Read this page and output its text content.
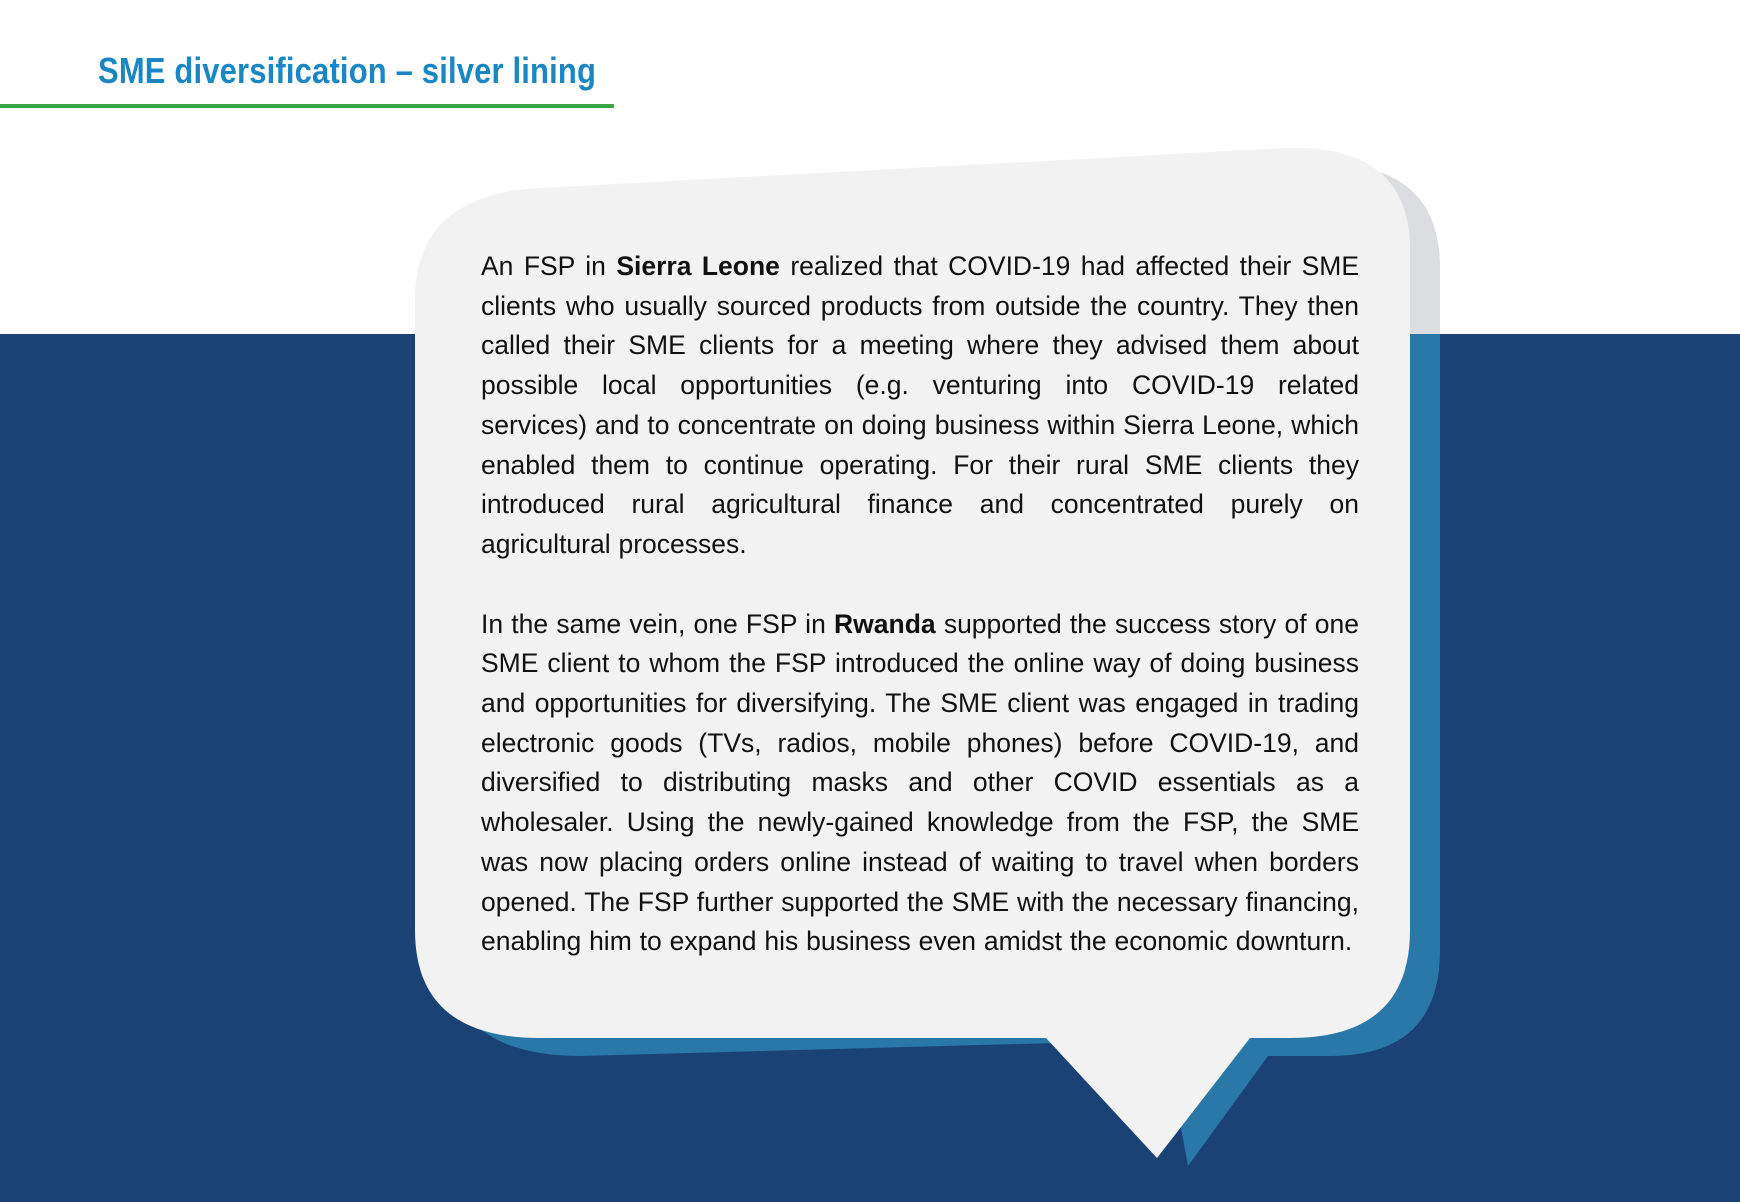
SME diversification – silver lining

An FSP in Sierra Leone realized that COVID-19 had affected their SME clients who usually sourced products from outside the country. They then called their SME clients for a meeting where they advised them about possible local opportunities (e.g. venturing into COVID-19 related services) and to concentrate on doing business within Sierra Leone, which enabled them to continue operating. For their rural SME clients they introduced rural agricultural finance and concentrated purely on agricultural processes.

In the same vein, one FSP in Rwanda supported the success story of one SME client to whom the FSP introduced the online way of doing business and opportunities for diversifying. The SME client was engaged in trading electronic goods (TVs, radios, mobile phones) before COVID-19, and diversified to distributing masks and other COVID essentials as a wholesaler. Using the newly-gained knowledge from the FSP, the SME was now placing orders online instead of waiting to travel when borders opened. The FSP further supported the SME with the necessary financing, enabling him to expand his business even amidst the economic downturn.
